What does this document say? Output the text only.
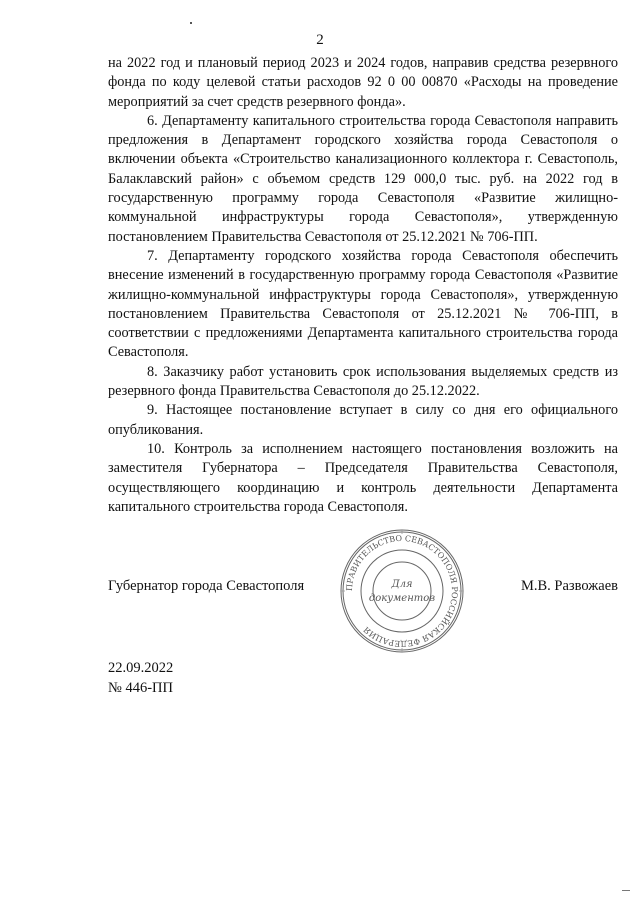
2

на 2022 год и плановый период 2023 и 2024 годов, направив средства резервного фонда по коду целевой статьи расходов 92 0 00 00870 «Расходы на проведение мероприятий за счет средств резервного фонда».

6. Департаменту капитального строительства города Севастополя направить предложения в Департамент городского хозяйства города Севастополя о включении объекта «Строительство канализационного коллектора г. Севастополь, Балаклавский район» с объемом средств 129 000,0 тыс. руб. на 2022 год в государственную программу города Севастополя «Развитие жилищно-коммунальной инфраструктуры города Севастополя», утвержденную постановлением Правительства Севастополя от 25.12.2021 № 706-ПП.

7. Департаменту городского хозяйства города Севастополя обеспечить внесение изменений в государственную программу города Севастополя «Развитие жилищно-коммунальной инфраструктуры города Севастополя», утвержденную постановлением Правительства Севастополя от 25.12.2021 № 706-ПП, в соответствии с предложениями Департамента капитального строительства города Севастополя.

8. Заказчику работ установить срок использования выделяемых средств из резервного фонда Правительства Севастополя до 25.12.2022.

9. Настоящее постановление вступает в силу со дня его официального опубликования.

10. Контроль за исполнением настоящего постановления возложить на заместителя Губернатора – Председателя Правительства Севастополя, осуществляющего координацию и контроль деятельности Департамента капитального строительства города Севастополя.

ПРАВИТЕЛЬСТВО СЕВАСТОПОЛЯ РОССИЙСКАЯ ФЕДЕРАЦИЯ
Для
документов
Губернатор города Севастополя	М.В. Развожаев
22.09.2022
№ 446-ПП
